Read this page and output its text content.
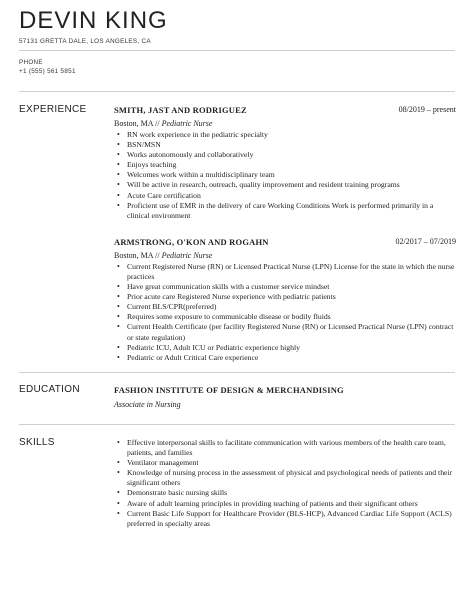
DEVIN KING
57131 GRETTA DALE, LOS ANGELES, CA
PHONE
+1 (555) 561 5851
EXPERIENCE	SMITH, JAST AND RODRIGUEZ	08/2019 – present
Boston, MA // Pediatric Nurse
• RN work experience in the pediatric specialty
• BSN/MSN
• Works autonomously and collaboratively
• Enjoys teaching
• Welcomes work within a multidisciplinary team
• Will be active in research, outreach, quality improvement and resident training programs
• Acute Care certification
• Proficient use of EMR in the delivery of care Working Conditions Work is performed primarily in a clinical environment
ARMSTRONG, O'KON AND ROGAHN	02/2017 – 07/2019
Boston, MA // Pediatric Nurse
• Current Registered Nurse (RN) or Licensed Practical Nurse (LPN) License for the state in which the nurse practices
• Have great communication skills with a customer service mindset
• Prior acute care Registered Nurse experience with pediatric patients
• Current BLS/CPR(preferred)
• Requires some exposure to communicable disease or bodily fluids
• Current Health Certificate (per facility Registered Nurse (RN) or Licensed Practical Nurse (LPN) contract or state regulation)
• Pediatric ICU, Adult ICU or Pediatric experience highly
• Pediatric or Adult Critical Care experience
EDUCATION	FASHION INSTITUTE OF DESIGN & MERCHANDISING
Associate in Nursing
SKILLS
•	Effective interpersonal skills to facilitate communication with various members of the health care team, patients, and families
• Ventilator management
• Knowledge of nursing process in the assessment of physical and psychological needs of patients and their significant others
• Demonstrate basic nursing skills
• Aware of adult learning principles in providing teaching of patients and their significant others
• Current Basic Life Support for Healthcare Provider (BLS-HCP), Advanced Cardiac Life Support (ACLS) preferred in specialty areas
